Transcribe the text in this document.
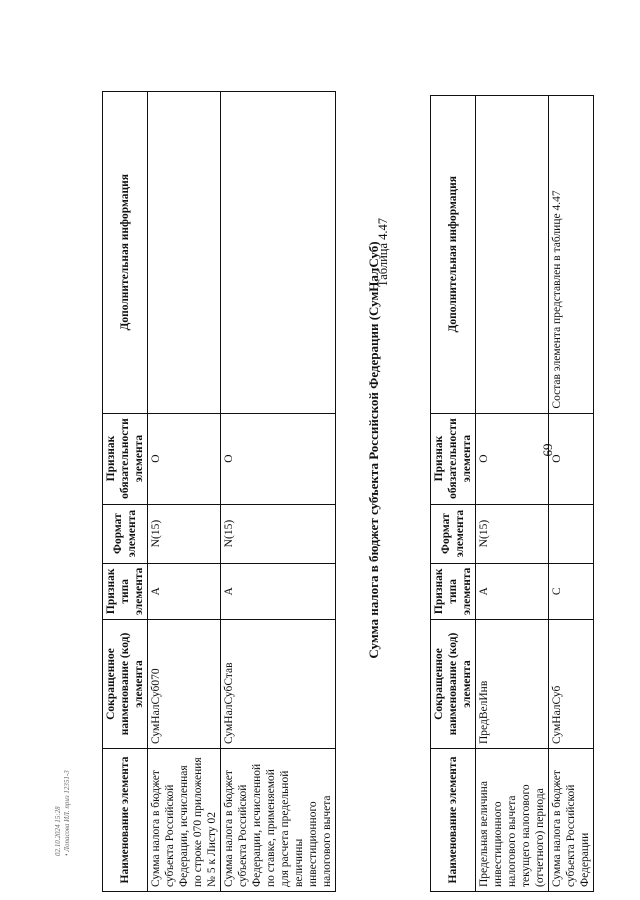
69
Наименование элемента	Сокращенное наименование (код) элемента	Признак типа элемента	Формат элемента	Признак обязательности элемента	Дополнительная информация
Предельная величина инвестиционного налогового вычета текущего налогового (отчетного) периода	ПредВелИнв	А	N(15)	О	
Сумма налога в бюджет субъекта Российской Федерации	СумНалСуб	С		О	Состав элемента представлен в таблице 4.47
Таблица 4.47
Сумма налога в бюджет субъекта Российской Федерации (СумНалСуб)
Наименование элемента	Сокращенное наименование (код) элемента	Признак типа элемента	Формат элемента	Признак обязательности элемента	Дополнительная информация
Сумма налога в бюджет субъекта Российской Федерации, исчисленная по строке 070 приложения № 5 к Листу 02	СумНалСуб070	А	N(15)	О	
Сумма налога в бюджет субъекта Российской Федерации, исчисленной по ставке, применяемой для расчета предельной величины инвестиционного налогового вычета	СумНалСубСтав	А	N(15)	О	
02.10.2024 15:28 • Лопасова ИЛ. приз 12351-3
